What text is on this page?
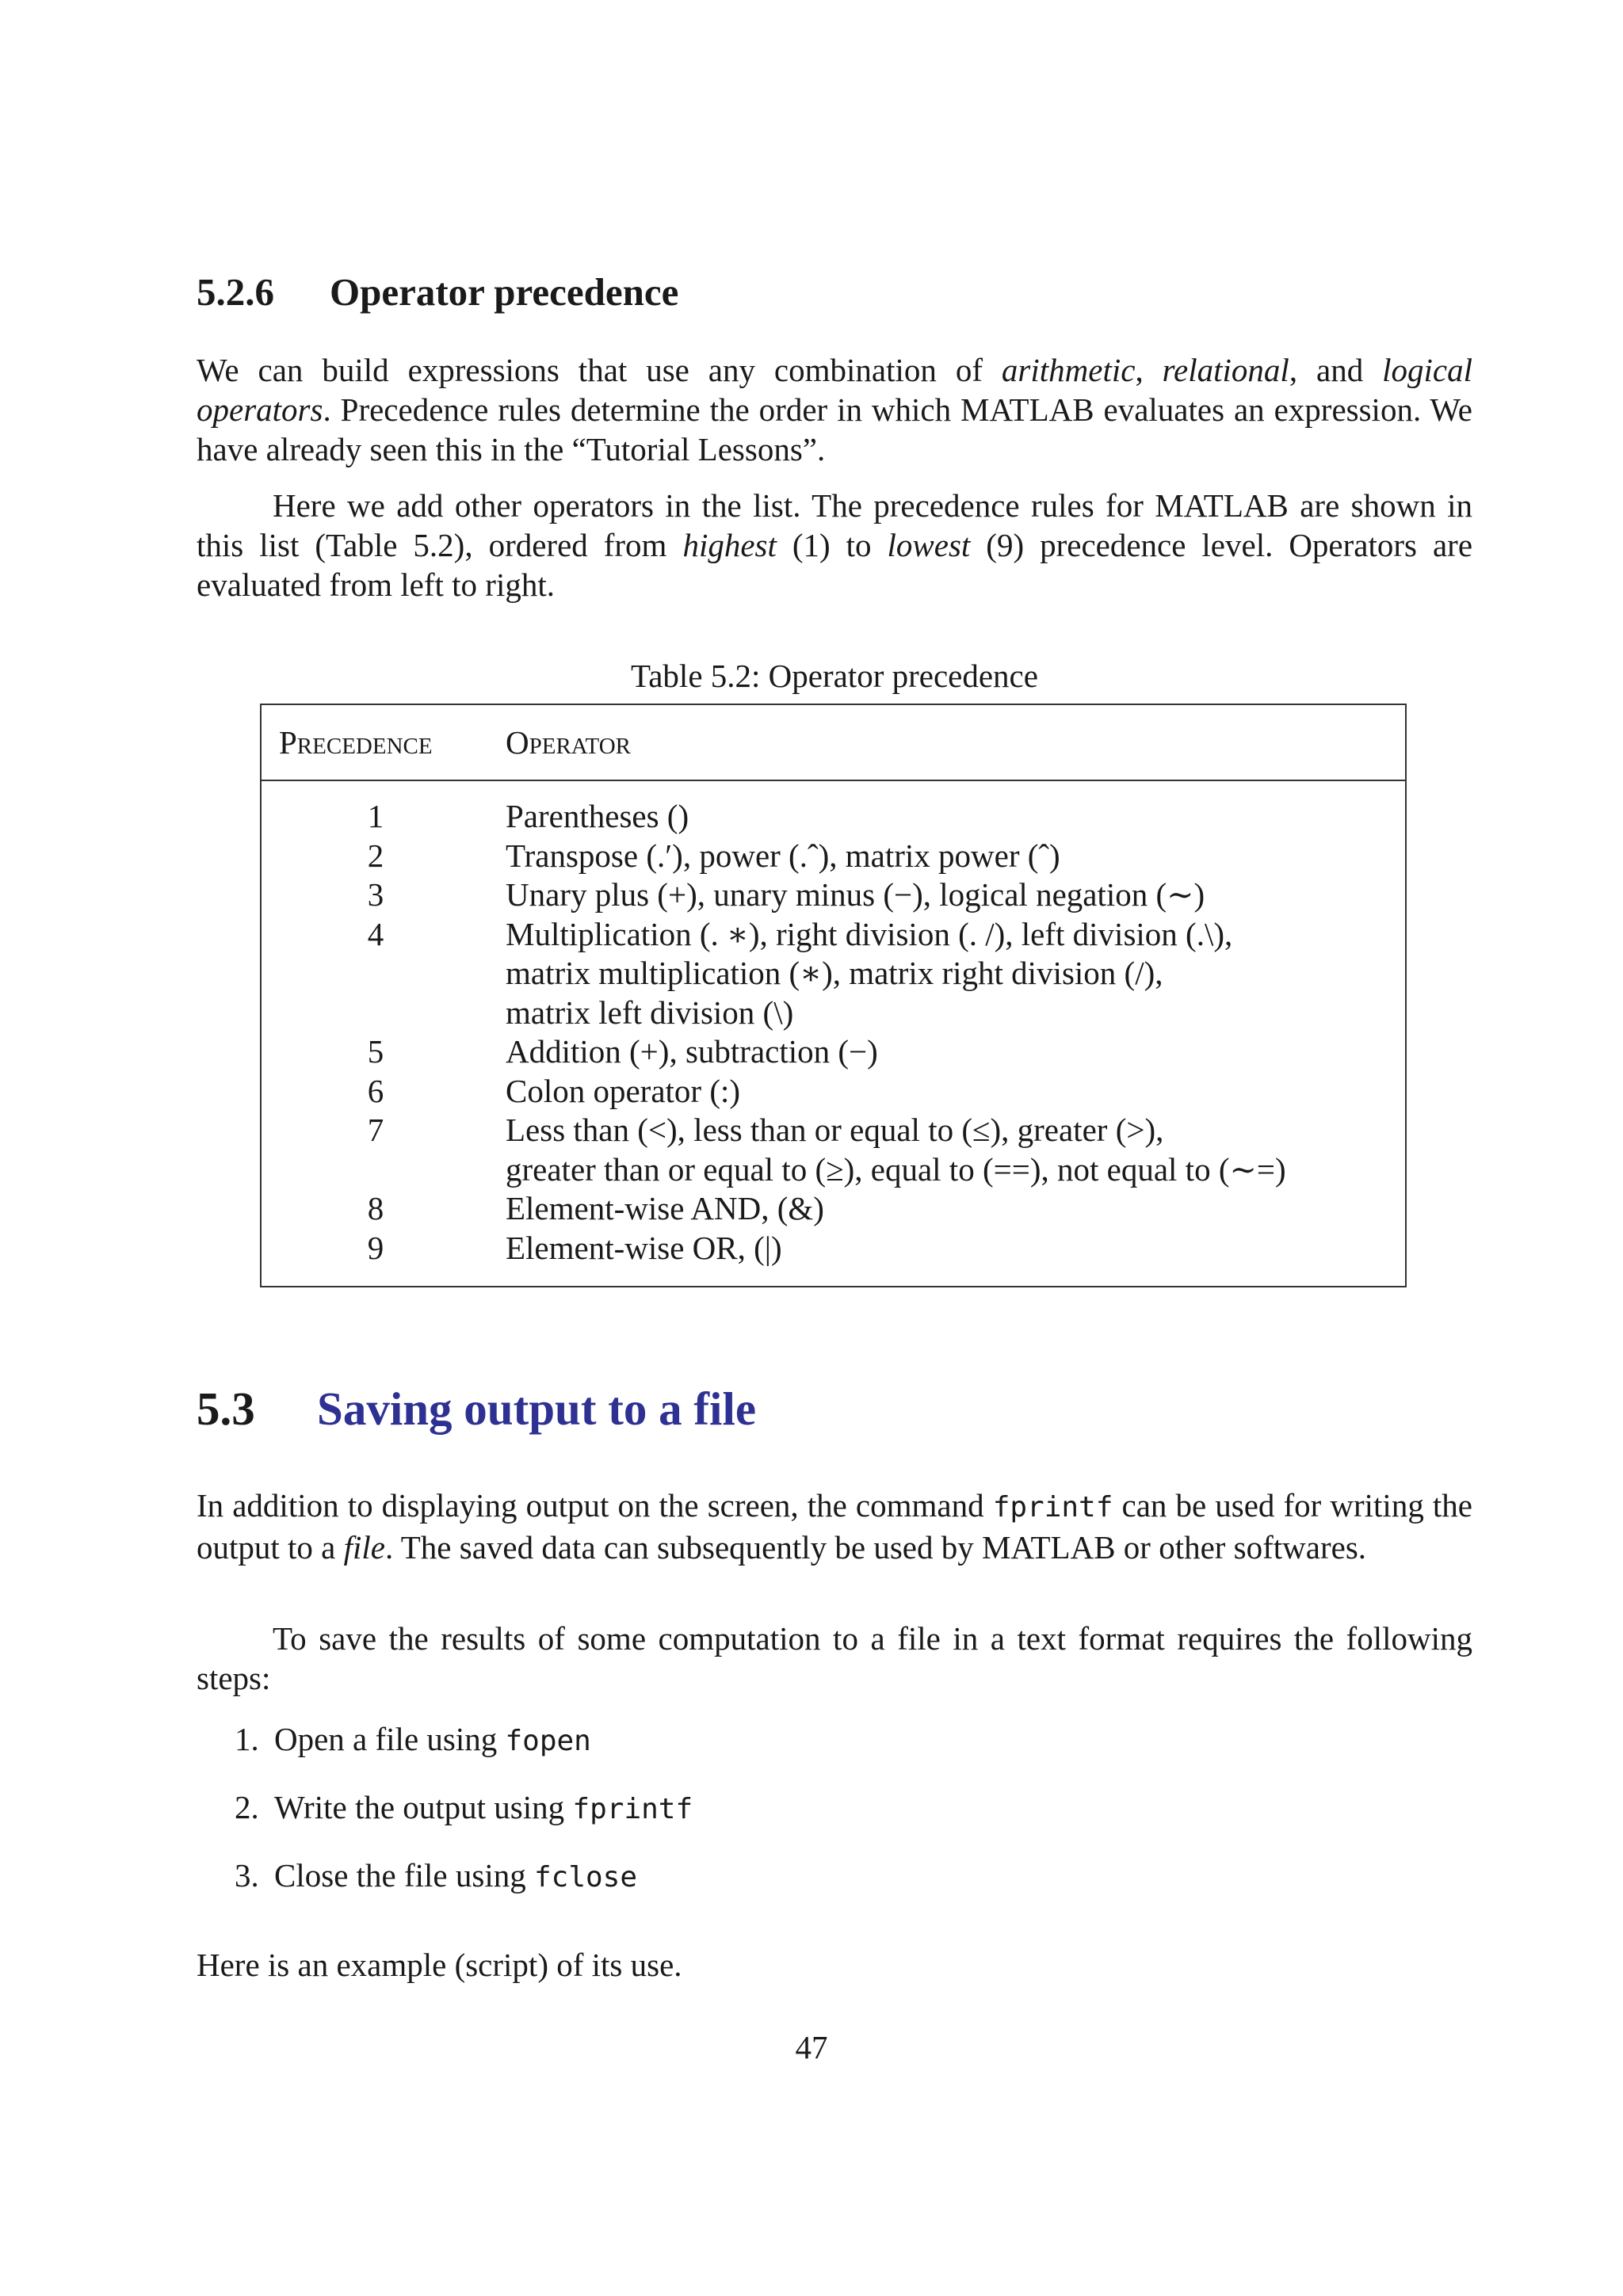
5.2.6 Operator precedence

We can build expressions that use any combination of arithmetic, relational, and logical operators. Precedence rules determine the order in which MATLAB evaluates an expression. We have already seen this in the “Tutorial Lessons”.

Here we add other operators in the list. The precedence rules for MATLAB are shown in this list (Table 5.2), ordered from highest (1) to lowest (9) precedence level. Operators are evaluated from left to right.

Table 5.2: Operator precedence
Precedence	Operator
1	Parentheses ()
2	Transpose (.′), power (.ˆ), matrix power (ˆ)
3	Unary plus (+), unary minus (−), logical negation (∼)
4	Multiplication (. ∗), right division (. /), left division (.\),
matrix multiplication (∗), matrix right division (/),
matrix left division (\)
5	Addition (+), subtraction (−)
6	Colon operator (:)
7	Less than (<), less than or equal to (≤), greater (>),
greater than or equal to (≥), equal to (==), not equal to (∼=)
8	Element-wise AND, (&)
9	Element-wise OR, (|)
5.3 Saving output to a file

In addition to displaying output on the screen, the command fprintf can be used for writing the output to a file. The saved data can subsequently be used by MATLAB or other softwares.

To save the results of some computation to a file in a text format requires the following steps:

1. Open a file using fopen
2. Write the output using fprintf
3. Close the file using fclose

Here is an example (script) of its use.

47
